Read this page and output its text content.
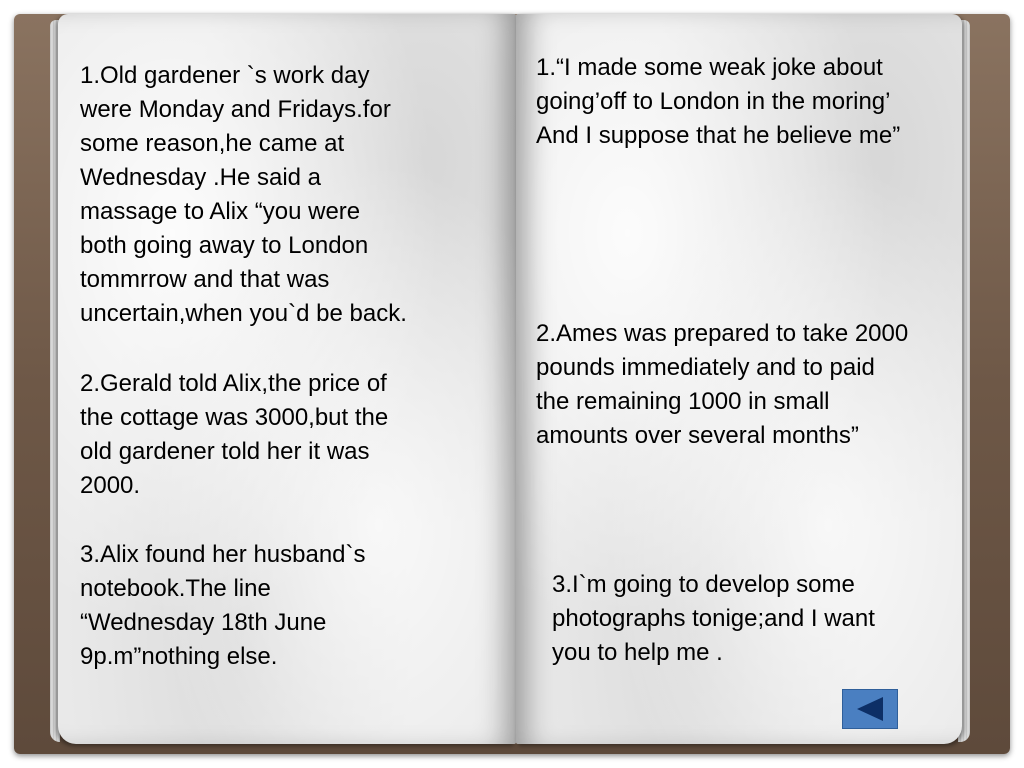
1.Old gardener `s work day
were Monday and Fridays.for
some reason,he came at
Wednesday .He said a
massage to Alix “you were
both going away to London
tommrrow and that was
uncertain,when you`d be back.
2.Gerald told Alix,the price of
the cottage was 3000,but the
old gardener told her it was
2000.
3.Alix found her husband`s
notebook.The line
“Wednesday 18th June
9p.m”nothing else.
1.“I made some weak joke about
going’off to London in the moring’
And I suppose that he believe me”
2.Ames was prepared to take 2000
pounds immediately and to paid
the remaining 1000 in small
amounts over several months”
3.I`m going to develop some
photographs tonige;and I want
you to help me .
